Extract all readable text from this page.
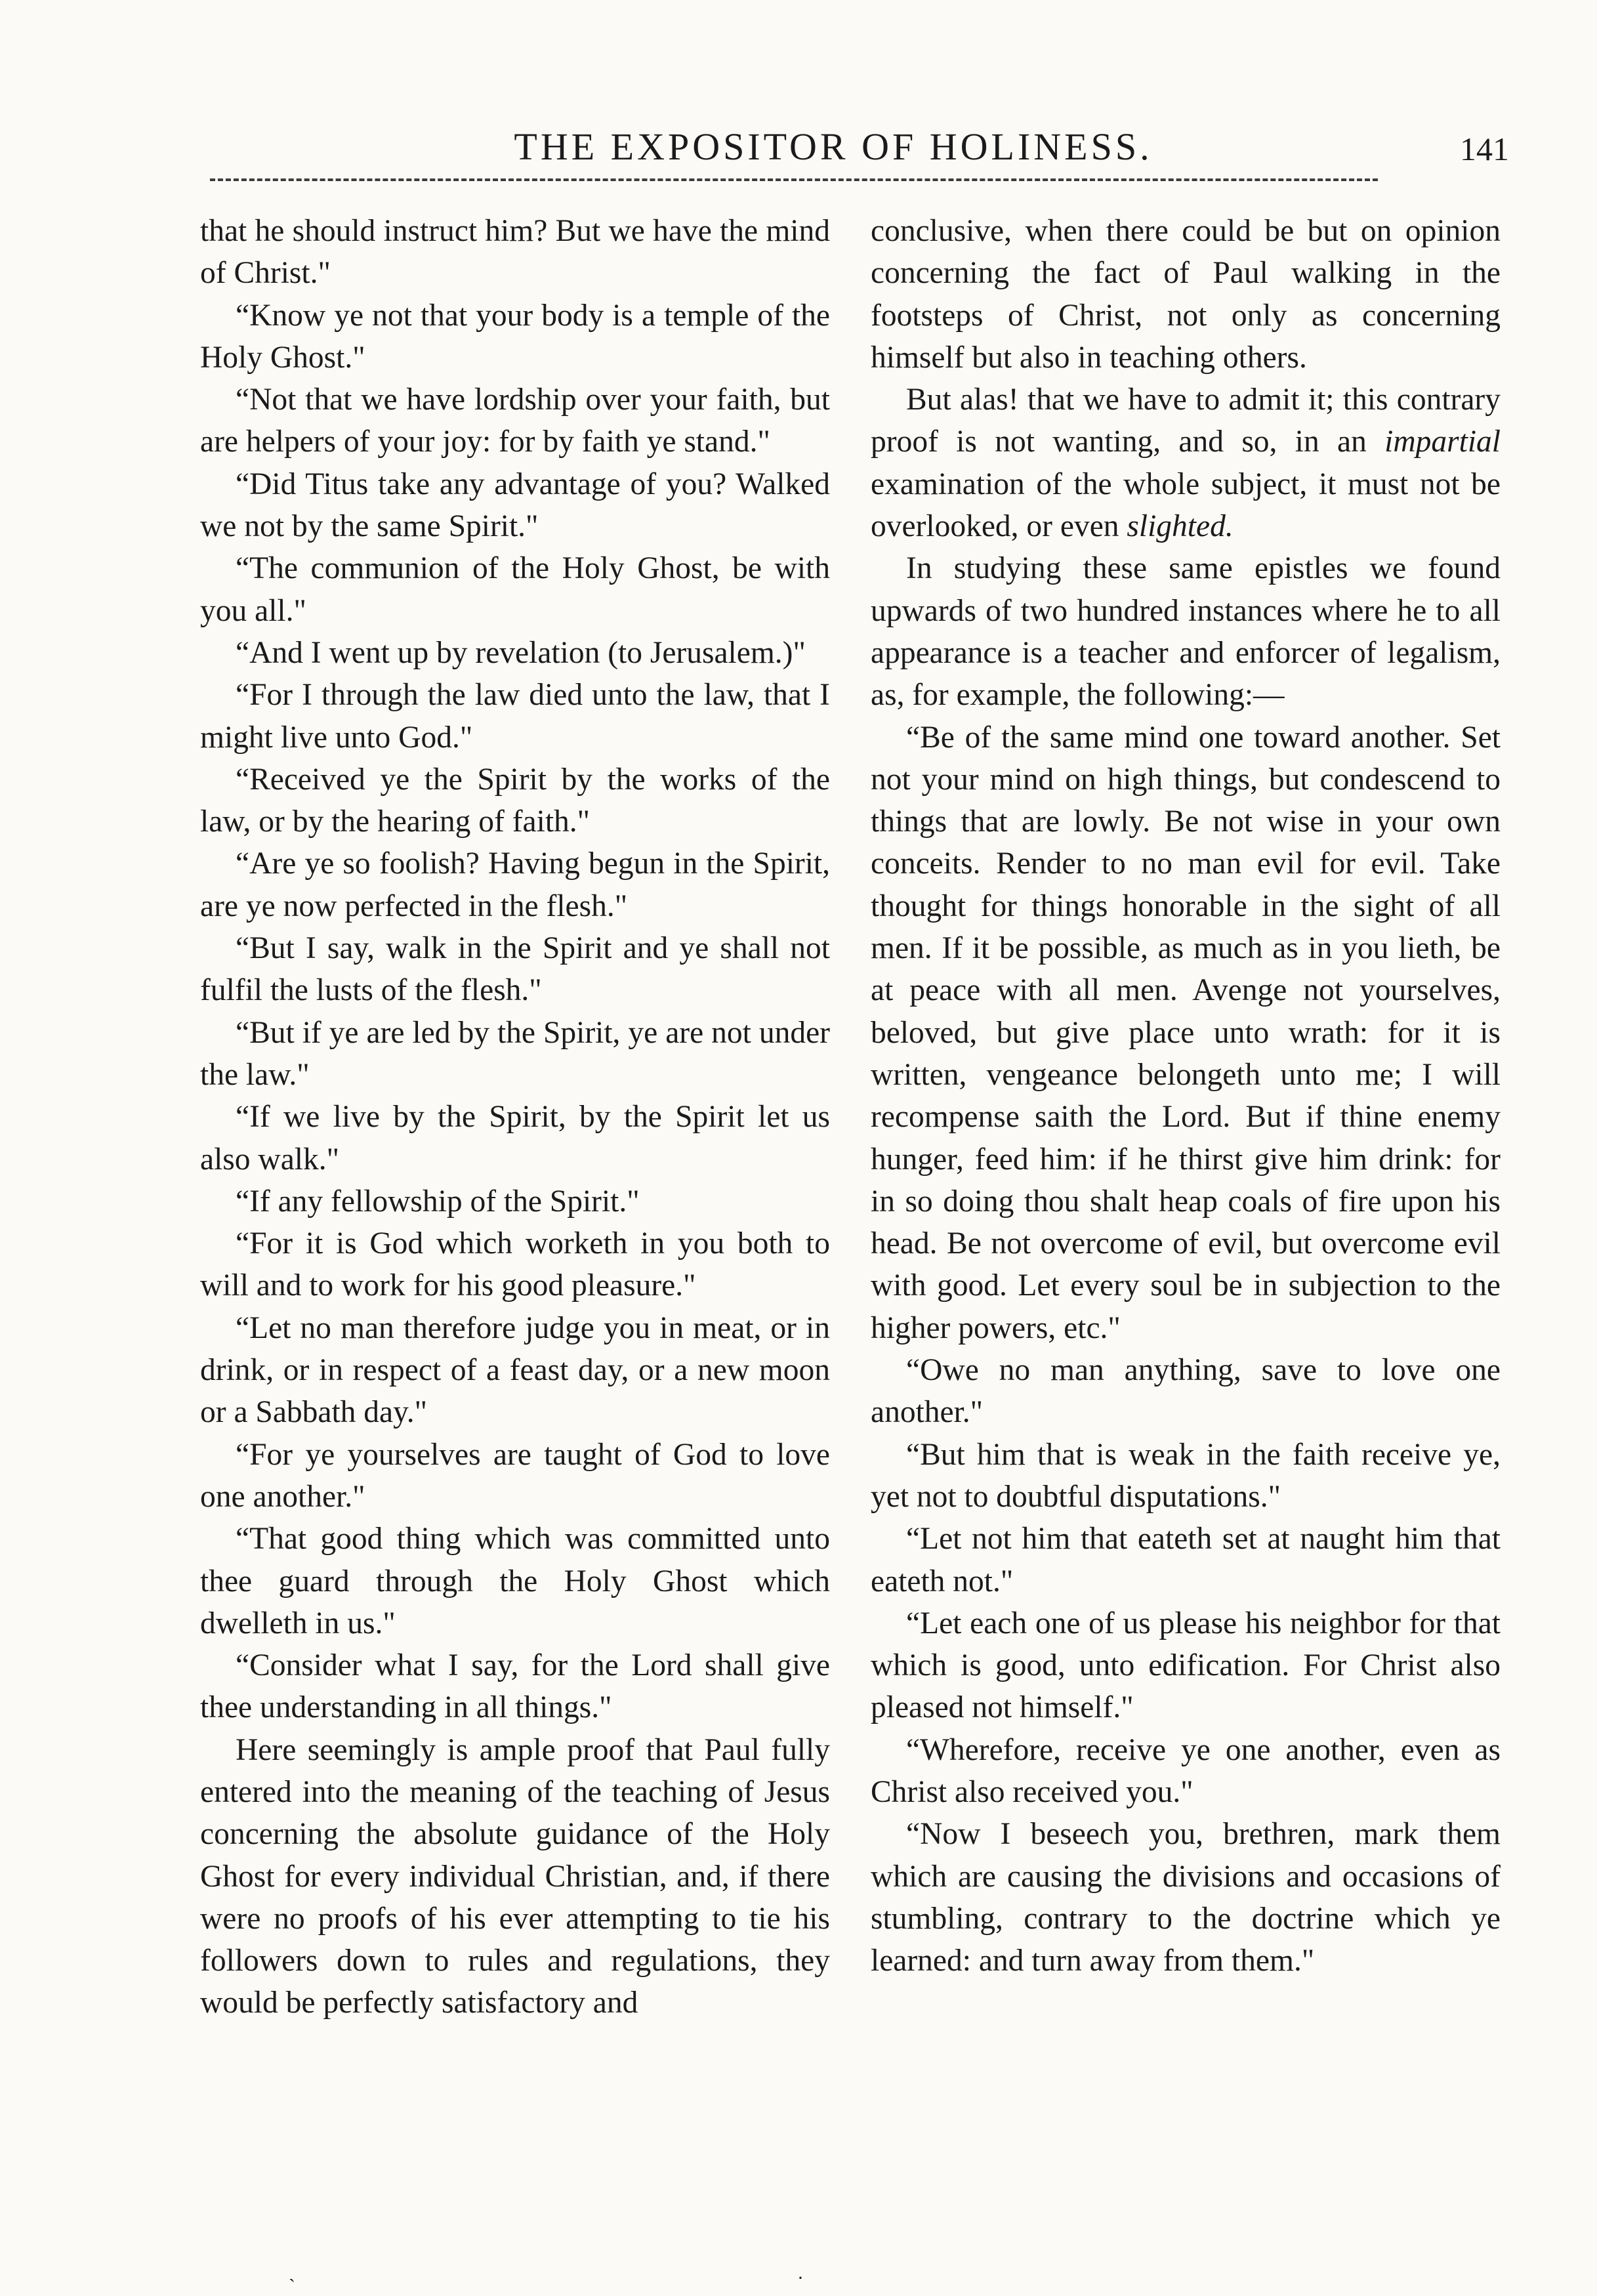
THE EXPOSITOR OF HOLINESS.	141

that he should instruct him? But we have the mind of Christ."

“Know ye not that your body is a temple of the Holy Ghost."

“Not that we have lordship over your faith, but are helpers of your joy: for by faith ye stand."

“Did Titus take any advantage of you? Walked we not by the same Spirit."

“The communion of the Holy Ghost, be with you all."

“And I went up by revelation (to Jerusalem.)"

“For I through the law died unto the law, that I might live unto God."

“Received ye the Spirit by the works of the law, or by the hearing of faith."

“Are ye so foolish? Having begun in the Spirit, are ye now perfected in the flesh."

“But I say, walk in the Spirit and ye shall not fulfil the lusts of the flesh."

“But if ye are led by the Spirit, ye are not under the law."

“If we live by the Spirit, by the Spirit let us also walk."

“If any fellowship of the Spirit."

“For it is God which worketh in you both to will and to work for his good pleasure."

“Let no man therefore judge you in meat, or in drink, or in respect of a feast day, or a new moon or a Sabbath day."

“For ye yourselves are taught of God to love one another."

“That good thing which was committed unto thee guard through the Holy Ghost which dwelleth in us."

“Consider what I say, for the Lord shall give thee understanding in all things."

Here seemingly is ample proof that Paul fully entered into the meaning of the teaching of Jesus concerning the absolute guidance of the Holy Ghost for every individual Christian, and, if there were no proofs of his ever attempting to tie his followers down to rules and regulations, they would be perfectly satisfactory and

conclusive, when there could be but on opinion concerning the fact of Paul walking in the footsteps of Christ, not only as concerning himself but also in teaching others.

But alas! that we have to admit it; this contrary proof is not wanting, and so, in an impartial examination of the whole subject, it must not be overlooked, or even slighted.

In studying these same epistles we found upwards of two hundred instances where he to all appearance is a teacher and enforcer of legalism, as, for example, the following:—

“Be of the same mind one toward another. Set not your mind on high things, but condescend to things that are lowly. Be not wise in your own conceits. Render to no man evil for evil. Take thought for things honorable in the sight of all men. If it be possible, as much as in you lieth, be at peace with all men. Avenge not yourselves, beloved, but give place unto wrath: for it is written, vengeance belongeth unto me; I will recompense saith the Lord. But if thine enemy hunger, feed him: if he thirst give him drink: for in so doing thou shalt heap coals of fire upon his head. Be not overcome of evil, but overcome evil with good. Let every soul be in subjection to the higher powers, etc."

“Owe no man anything, save to love one another."

“But him that is weak in the faith receive ye, yet not to doubtful disputations."

“Let not him that eateth set at naught him that eateth not."

“Let each one of us please his neighbor for that which is good, unto edification. For Christ also pleased not himself."

“Wherefore, receive ye one another, even as Christ also received you."

“Now I beseech you, brethren, mark them which are causing the divisions and occasions of stumbling, contrary to the doctrine which ye learned: and turn away from them."

ˏ	·
